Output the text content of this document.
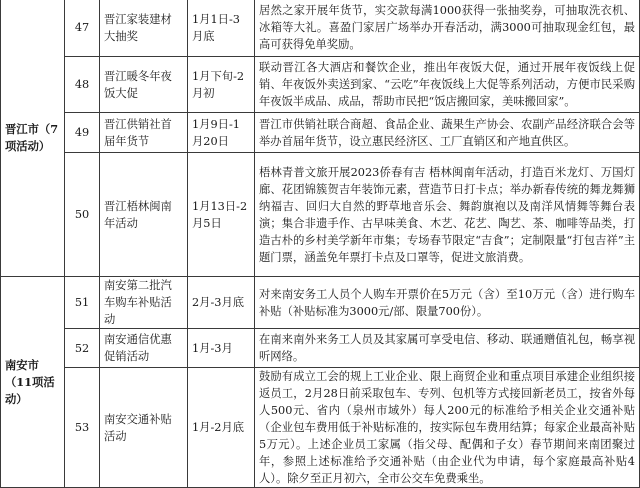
晋江市（7项活动）	47	晋江家装建材大抽奖	1月1日-3月底	居然之家开展年货节，实交款每满1000获得一张抽奖券，可抽取洗衣机、冰箱等大礼。喜盈门家居广场举办开春活动，满3000可抽取现金红包，最高可获得免单奖励。
	48	晋江暖冬年夜饭大促	1月下旬-2月初	联动晋江各大酒店和餐饮企业，推出年夜饭大促，通过开展年夜饭线上促销、年夜饭外卖送到家、“云吃”年夜饭线上大促等系列活动，方便市民采购年夜饭半成品、成品，帮助市民把“饭店搬回家，美味搬回家”。
	49	晋江供销社首届年货节	1月9日-1月20日	晋江市供销社联合商超、食品企业、蔬果生产协会、农副产品经济联合会等举办首届年货节，设立惠民经济区、工厂直销区和产地直供区。
	50	晋江梧林闽南年活动	1月13日-2月5日	梧林青普文旅开展2023侨春有吉 梧林闽南年活动，打造百米龙灯、万国灯廊、花团锦簇贺吉年装饰元素，营造节日打卡点；举办新春传统的舞龙舞狮纳福吉、回归大自然的野草地音乐会、舞韵旗袍以及南洋风情舞等舞台表演；集合非遗手作、古早味美食、木艺、花艺、陶艺、茶、咖啡等品类，打造古朴的乡村美学新年市集；专场春节限定“吉食”；定制限量“打包吉祥”主题门票，涵盖免年票打卡点及口罩等，促进文旅消费。
南安市（11项活动）	51	南安第二批汽车购车补贴活动	2月-3月底	对来南安务工人员个人购车开票价在5万元（含）至10万元（含）进行购车补贴（补贴标准为3000元/部、限量700份）。
	52	南安通信优惠促销活动	1月-3月	在南来南外来务工人员及其家属可享受电信、移动、联通赠值礼包，畅享视听网络。
	53	南安交通补贴活动	1月-2月底	鼓励有成立工会的规上工业企业、限上商贸企业和重点项目承建企业组织接返员工，2月28日前采取包车、专列、包机等方式接回新老员工，按省外每人500元、省内（泉州市域外）每人200元的标准给予相关企业交通补贴（企业包车费用低于补贴标准的，按实际包车费用结算；每家企业最高补贴5万元）。上述企业员工家属（指父母、配偶和子女）春节期间来南团聚过年，参照上述标准给予交通补贴（由企业代为申请，每个家庭最高补贴4人）。除夕至正月初六，全市公交车免费乘坐。
